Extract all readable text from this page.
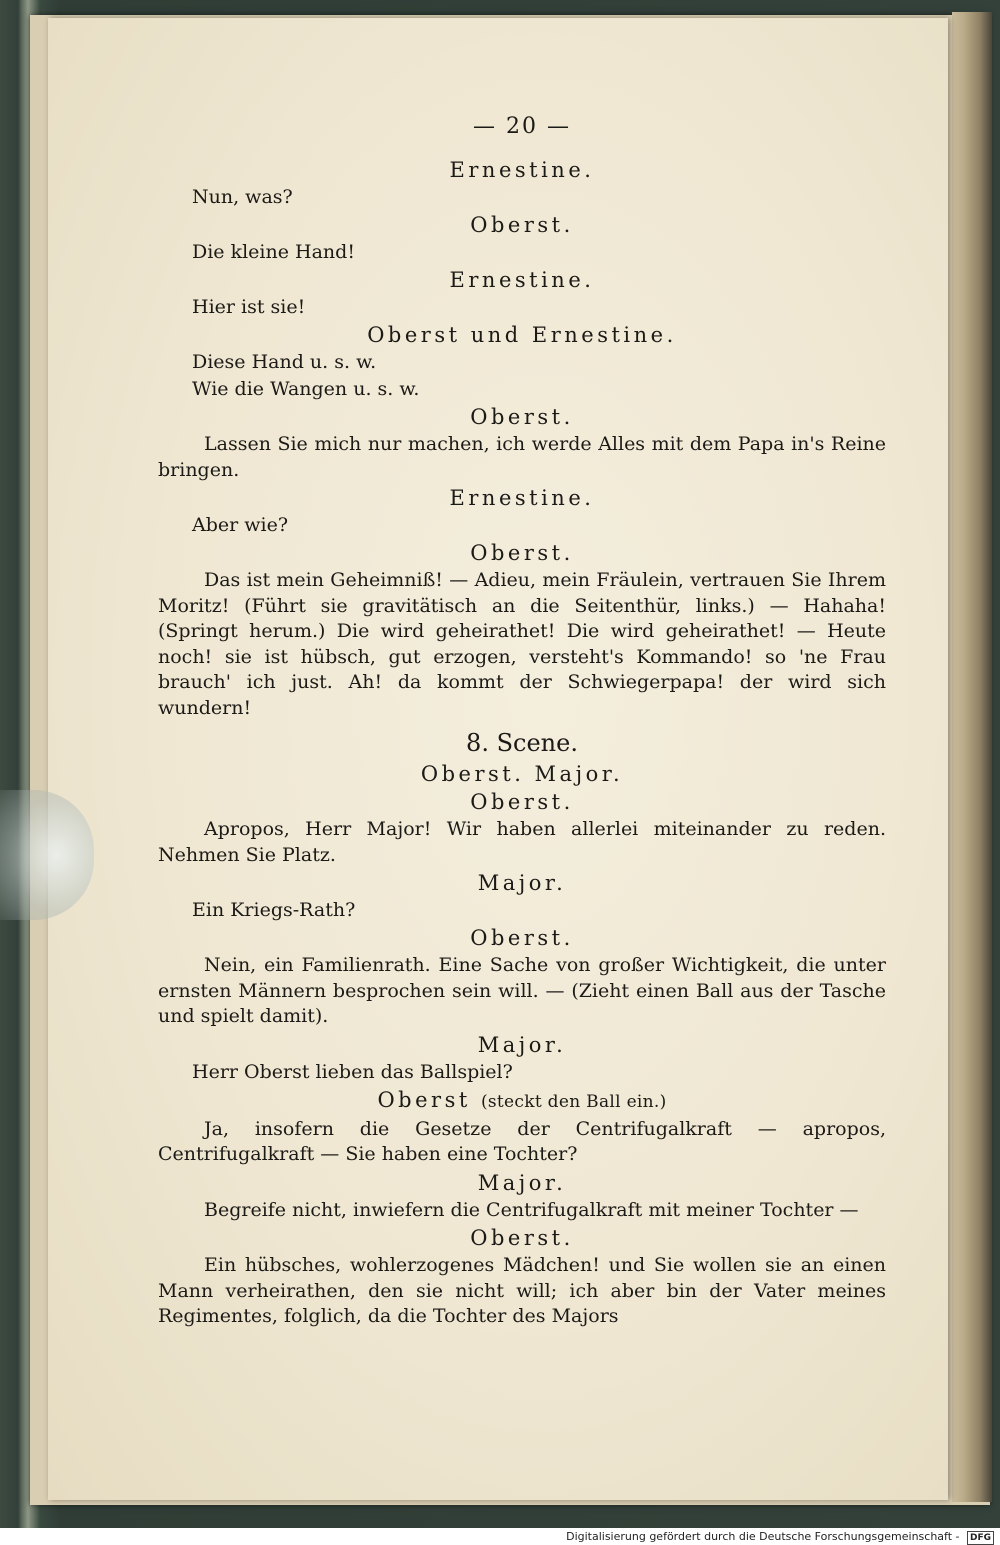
— 20 —
Ernestine.
Nun, was?
Oberst.
Die kleine Hand!
Ernestine.
Hier ist sie!
Oberst und Ernestine.
Diese Hand u. s. w.
Wie die Wangen u. s. w.
Oberst.
Lassen Sie mich nur machen, ich werde Alles mit dem Papa in's Reine bringen.
Ernestine.
Aber wie?
Oberst.
Das ist mein Geheimniß! — Adieu, mein Fräulein, vertrauen Sie Ihrem Moritz! (Führt sie gravitätisch an die Seitenthür, links.) — Hahaha! (Springt herum.) Die wird geheirathet! Die wird geheirathet! — Heute noch! sie ist hübsch, gut erzogen, versteht's Kommando! so 'ne Frau brauch' ich just. Ah! da kommt der Schwiegerpapa! der wird sich wundern!
8. Scene.
Oberst. Major.
Oberst.
Apropos, Herr Major! Wir haben allerlei miteinander zu reden. Nehmen Sie Platz.
Major.
Ein Kriegs-Rath?
Oberst.
Nein, ein Familienrath. Eine Sache von großer Wichtigkeit, die unter ernsten Männern besprochen sein will. — (Zieht einen Ball aus der Tasche und spielt damit).
Major.
Herr Oberst lieben das Ballspiel?
Oberst (steckt den Ball ein.)
Ja, insofern die Gesetze der Centrifugalkraft — apropos, Centrifugalkraft — Sie haben eine Tochter?
Major.
Begreife nicht, inwiefern die Centrifugalkraft mit meiner Tochter —
Oberst.
Ein hübsches, wohlerzogenes Mädchen! und Sie wollen sie an einen Mann verheirathen, den sie nicht will; ich aber bin der Vater meines Regimentes, folglich, da die Tochter des Majors
Digitalisierung gefördert durch die Deutsche Forschungsgemeinschaft - DFG
